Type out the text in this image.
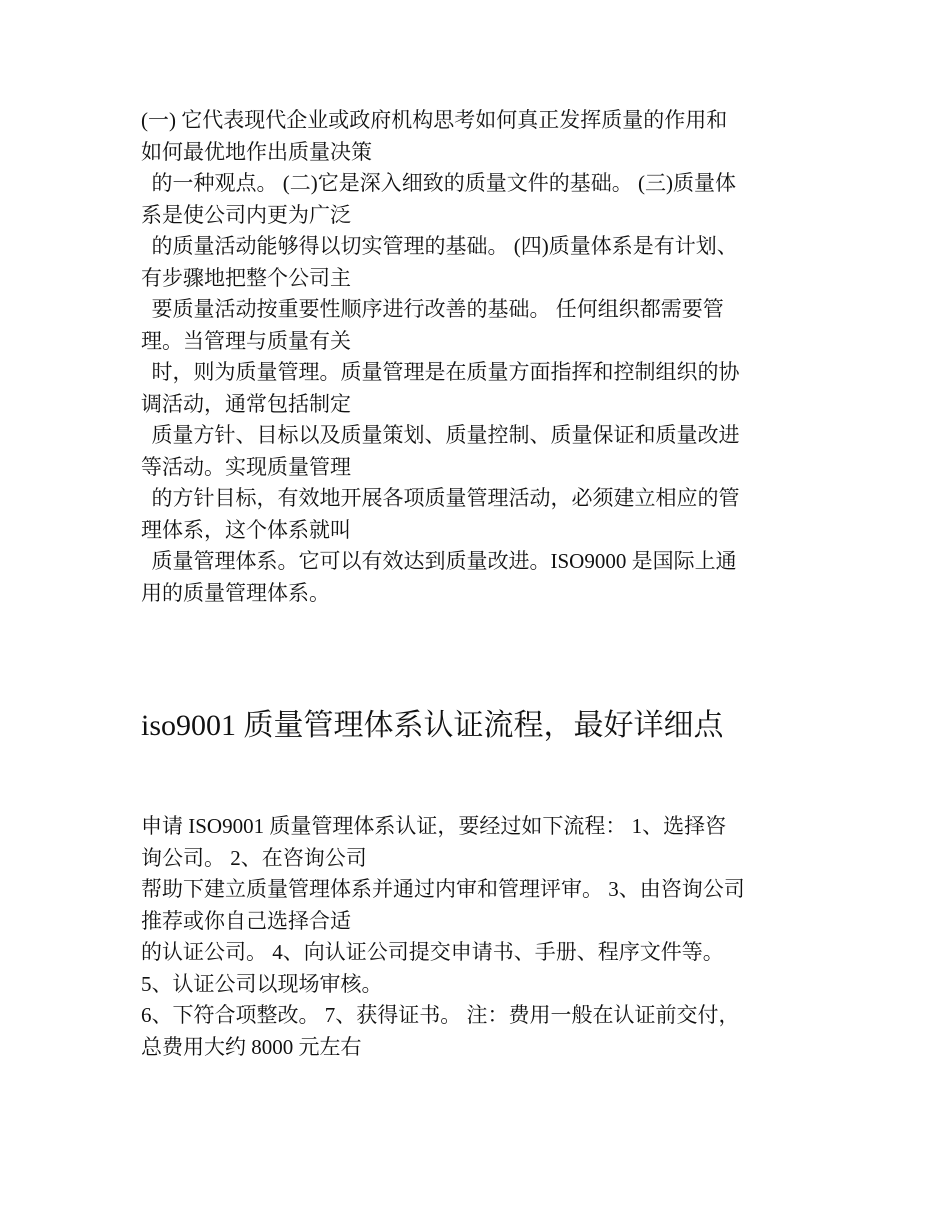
(一) 它代表现代企业或政府机构思考如何真正发挥质量的作用和
如何最优地作出质量决策
的一种观点。 (二)它是深入细致的质量文件的基础。 (三)质量体
系是使公司内更为广泛
的质量活动能够得以切实管理的基础。 (四)质量体系是有计划、
有步骤地把整个公司主
要质量活动按重要性顺序进行改善的基础。 任何组织都需要管
理。当管理与质量有关
时，则为质量管理。质量管理是在质量方面指挥和控制组织的协
调活动，通常包括制定
质量方针、目标以及质量策划、质量控制、质量保证和质量改进
等活动。实现质量管理
的方针目标，有效地开展各项质量管理活动，必须建立相应的管
理体系，这个体系就叫
质量管理体系。它可以有效达到质量改进。ISO9000 是国际上通
用的质量管理体系。
iso9001 质量管理体系认证流程，最好详细点
申请 ISO9001 质量管理体系认证，要经过如下流程： 1、选择咨
询公司。 2、在咨询公司
帮助下建立质量管理体系并通过内审和管理评审。 3、由咨询公司
推荐或你自己选择合适
的认证公司。 4、向认证公司提交申请书、手册、程序文件等。
5、认证公司以现场审核。
6、下符合项整改。 7、获得证书。 注：费用一般在认证前交付，
总费用大约 8000 元左右
